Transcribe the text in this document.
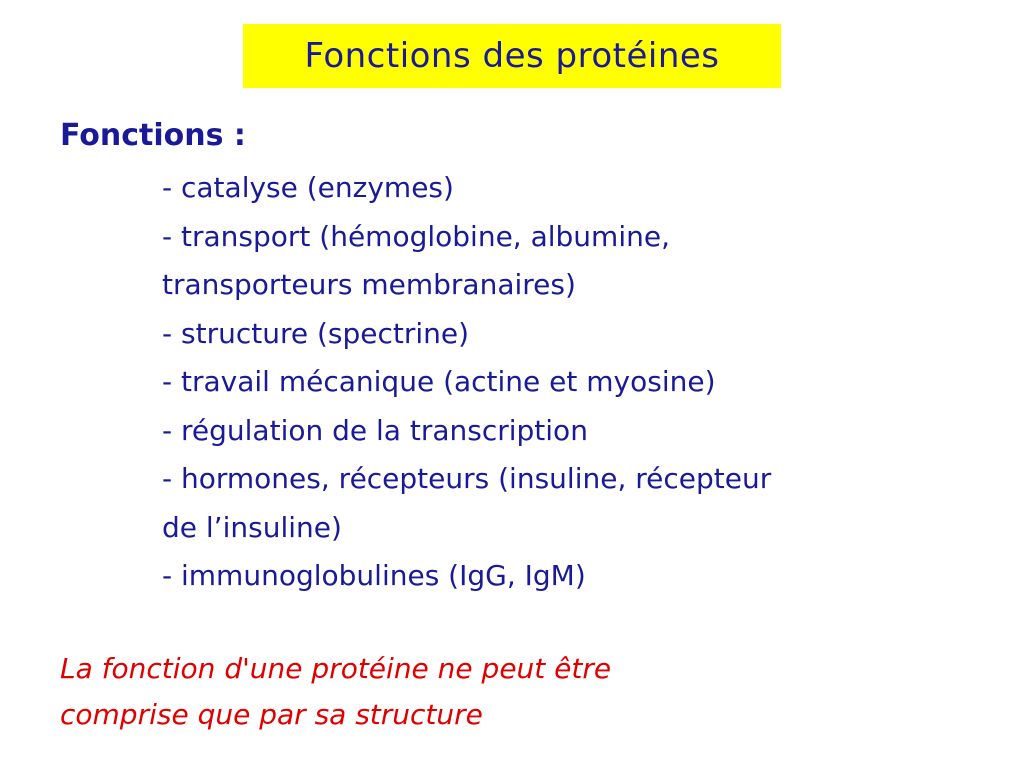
Fonctions des protéines
Fonctions :
- catalyse (enzymes)
- transport (hémoglobine, albumine,
transporteurs membranaires)
- structure (spectrine)
- travail mécanique (actine et myosine)
- régulation de la transcription
- hormones, récepteurs (insuline, récepteur
de l’insuline)
- immunoglobulines (IgG, IgM)
La fonction d'une protéine ne peut être
comprise que par sa structure
